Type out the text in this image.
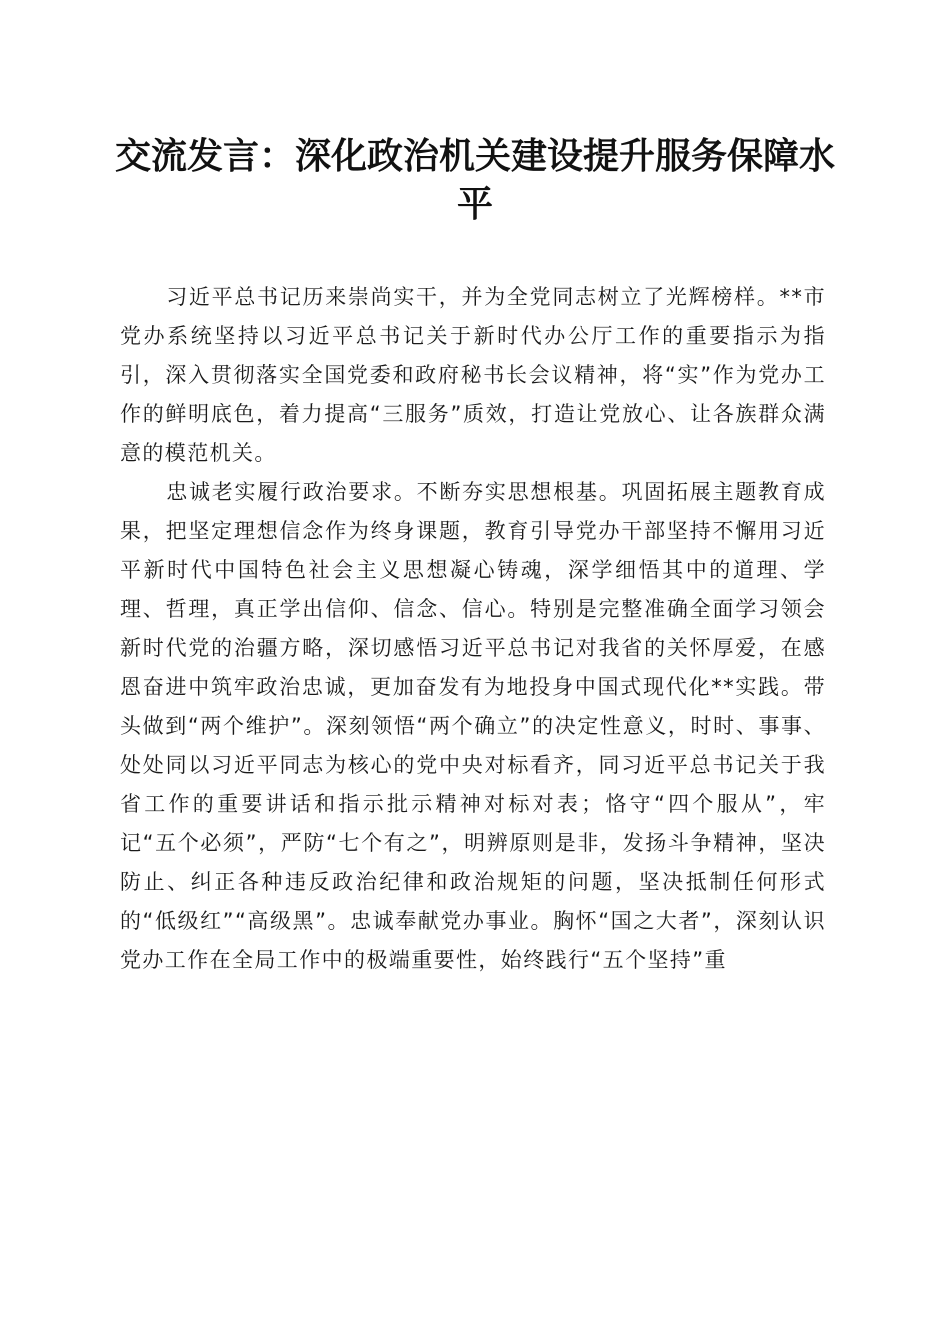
交流发言：深化政治机关建设提升服务保障水平

习近平总书记历来崇尚实干，并为全党同志树立了光辉榜样。**市党办系统坚持以习近平总书记关于新时代办公厅工作的重要指示为指引，深入贯彻落实全国党委和政府秘书长会议精神，将“实”作为党办工作的鲜明底色，着力提高“三服务”质效，打造让党放心、让各族群众满意的模范机关。

忠诚老实履行政治要求。不断夯实思想根基。巩固拓展主题教育成果，把坚定理想信念作为终身课题，教育引导党办干部坚持不懈用习近平新时代中国特色社会主义思想凝心铸魂，深学细悟其中的道理、学理、哲理，真正学出信仰、信念、信心。特别是完整准确全面学习领会新时代党的治疆方略，深切感悟习近平总书记对我省的关怀厚爱，在感恩奋进中筑牢政治忠诚，更加奋发有为地投身中国式现代化**实践。带头做到“两个维护”。深刻领悟“两个确立”的决定性意义，时时、事事、处处同以习近平同志为核心的党中央对标看齐，同习近平总书记关于我省工作的重要讲话和指示批示精神对标对表；恪守“四个服从”，牢记“五个必须”，严防“七个有之”，明辨原则是非，发扬斗争精神，坚决防止、纠正各种违反政治纪律和政治规矩的问题，坚决抵制任何形式的“低级红”“高级黑”。忠诚奉献党办事业。胸怀“国之大者”，深刻认识党办工作在全局工作中的极端重要性，始终践行“五个坚持”重
